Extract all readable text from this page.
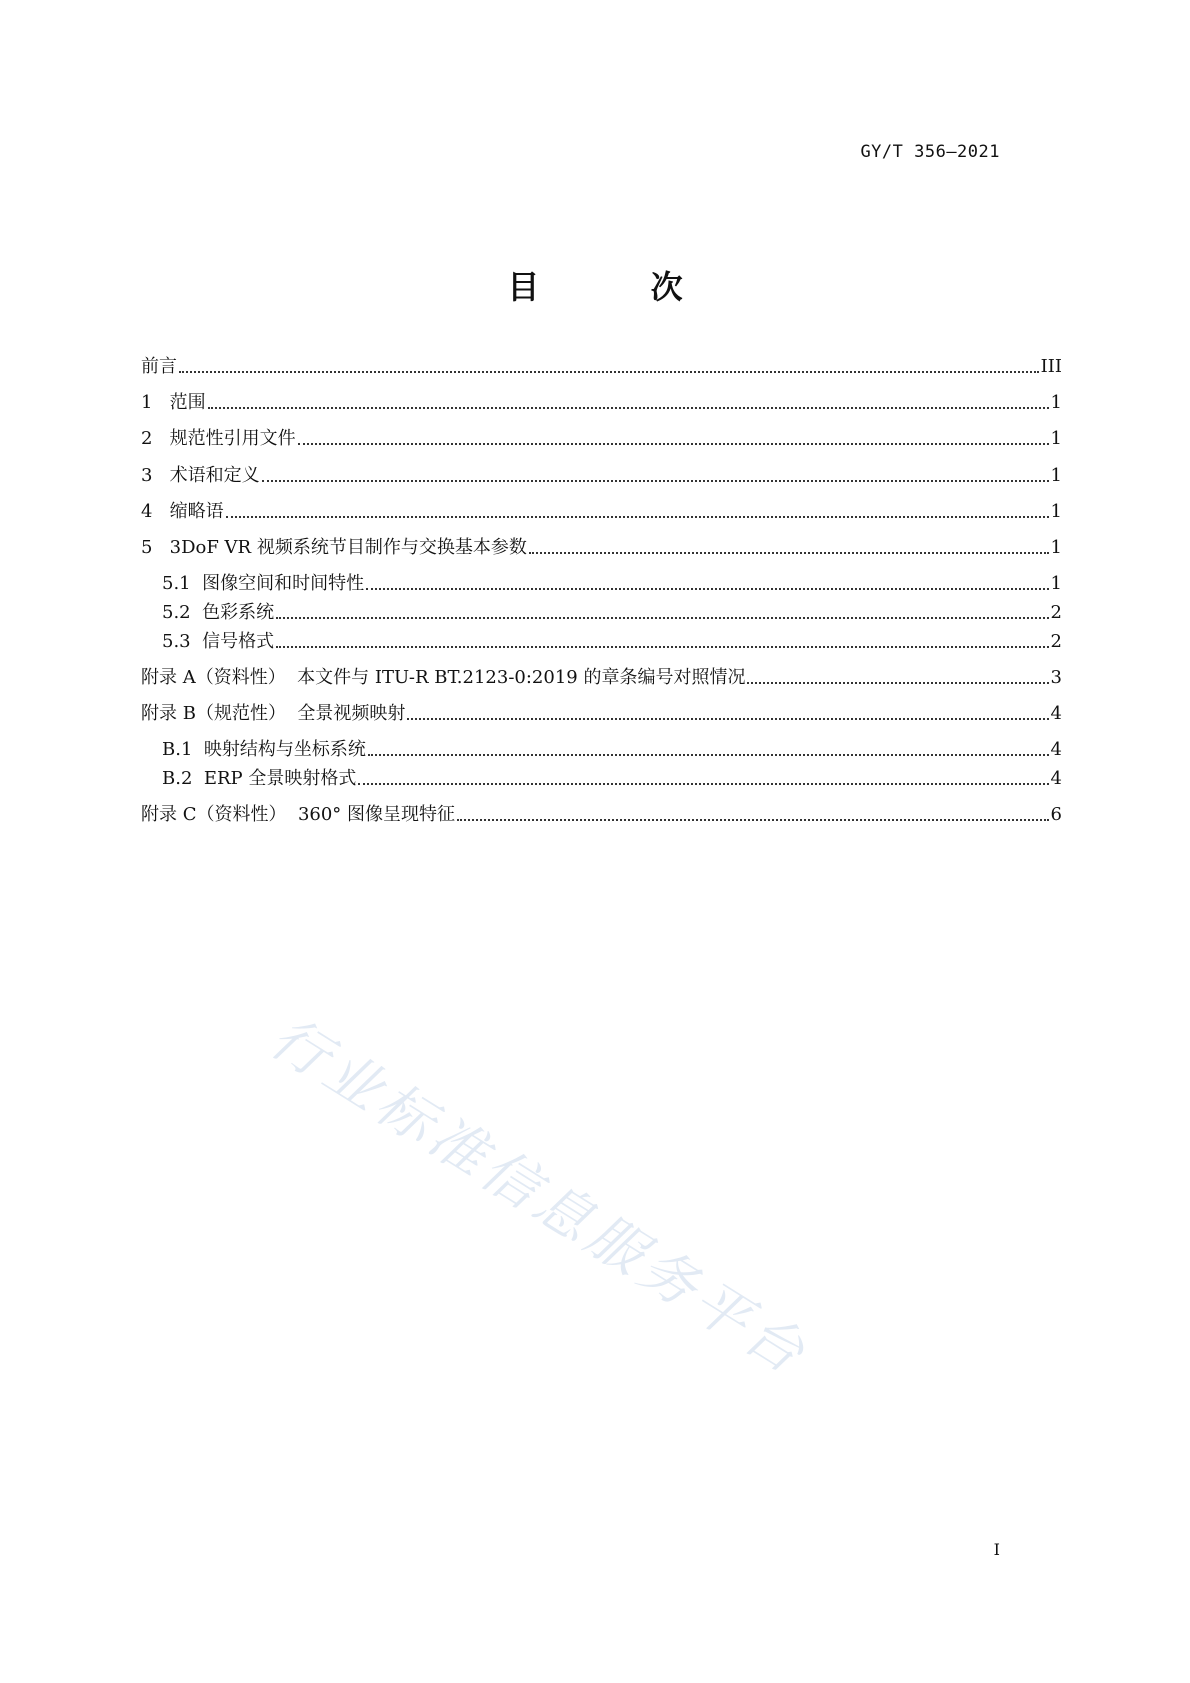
GY/T 356—2021
目 次
前言	III
1 范围	1
2 规范性引用文件	1
3 术语和定义	1
4 缩略语	1
5 3DoF VR 视频系统节目制作与交换基本参数	1
5.1 图像空间和时间特性	1
5.2 色彩系统	2
5.3 信号格式	2
附录 A（资料性） 本文件与 ITU-R BT.2123-0:2019 的章条编号对照情况	3
附录 B（规范性） 全景视频映射	4
B.1 映射结构与坐标系统	4
B.2 ERP 全景映射格式	4
附录 C（资料性） 360° 图像呈现特征	6
行业标准信息服务平台
I
